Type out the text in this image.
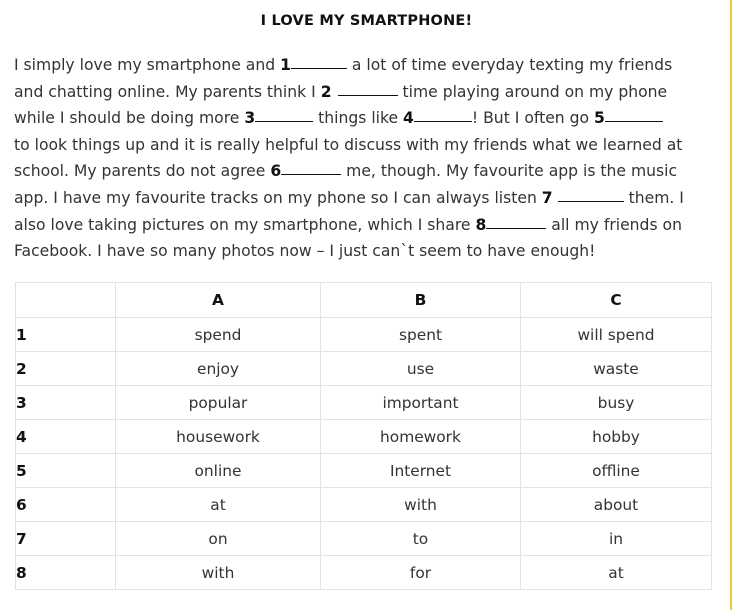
I LOVE MY SMARTPHONE!
I simply love my smartphone and 1	a lot of time everyday texting my friends
and chatting online. My parents think I 2	time playing around on my phone
while I should be doing more 3	things like 4	! But I often go 5
to look things up and it is really helpful to discuss with my friends what we learned at
school. My parents do not agree 6	me, though. My favourite app is the music
app. I have my favourite tracks on my phone so I can always listen 7	them. I
also love taking pictures on my smartphone, which I share 8	all my friends on
Facebook. I have so many photos now – I just can`t seem to have enough!
	A	B	C
1	spend	spent	will spend
2	enjoy	use	waste
3	popular	important	busy
4	housework	homework	hobby
5	online	Internet	offline
6	at	with	about
7	on	to	in
8	with	for	at
